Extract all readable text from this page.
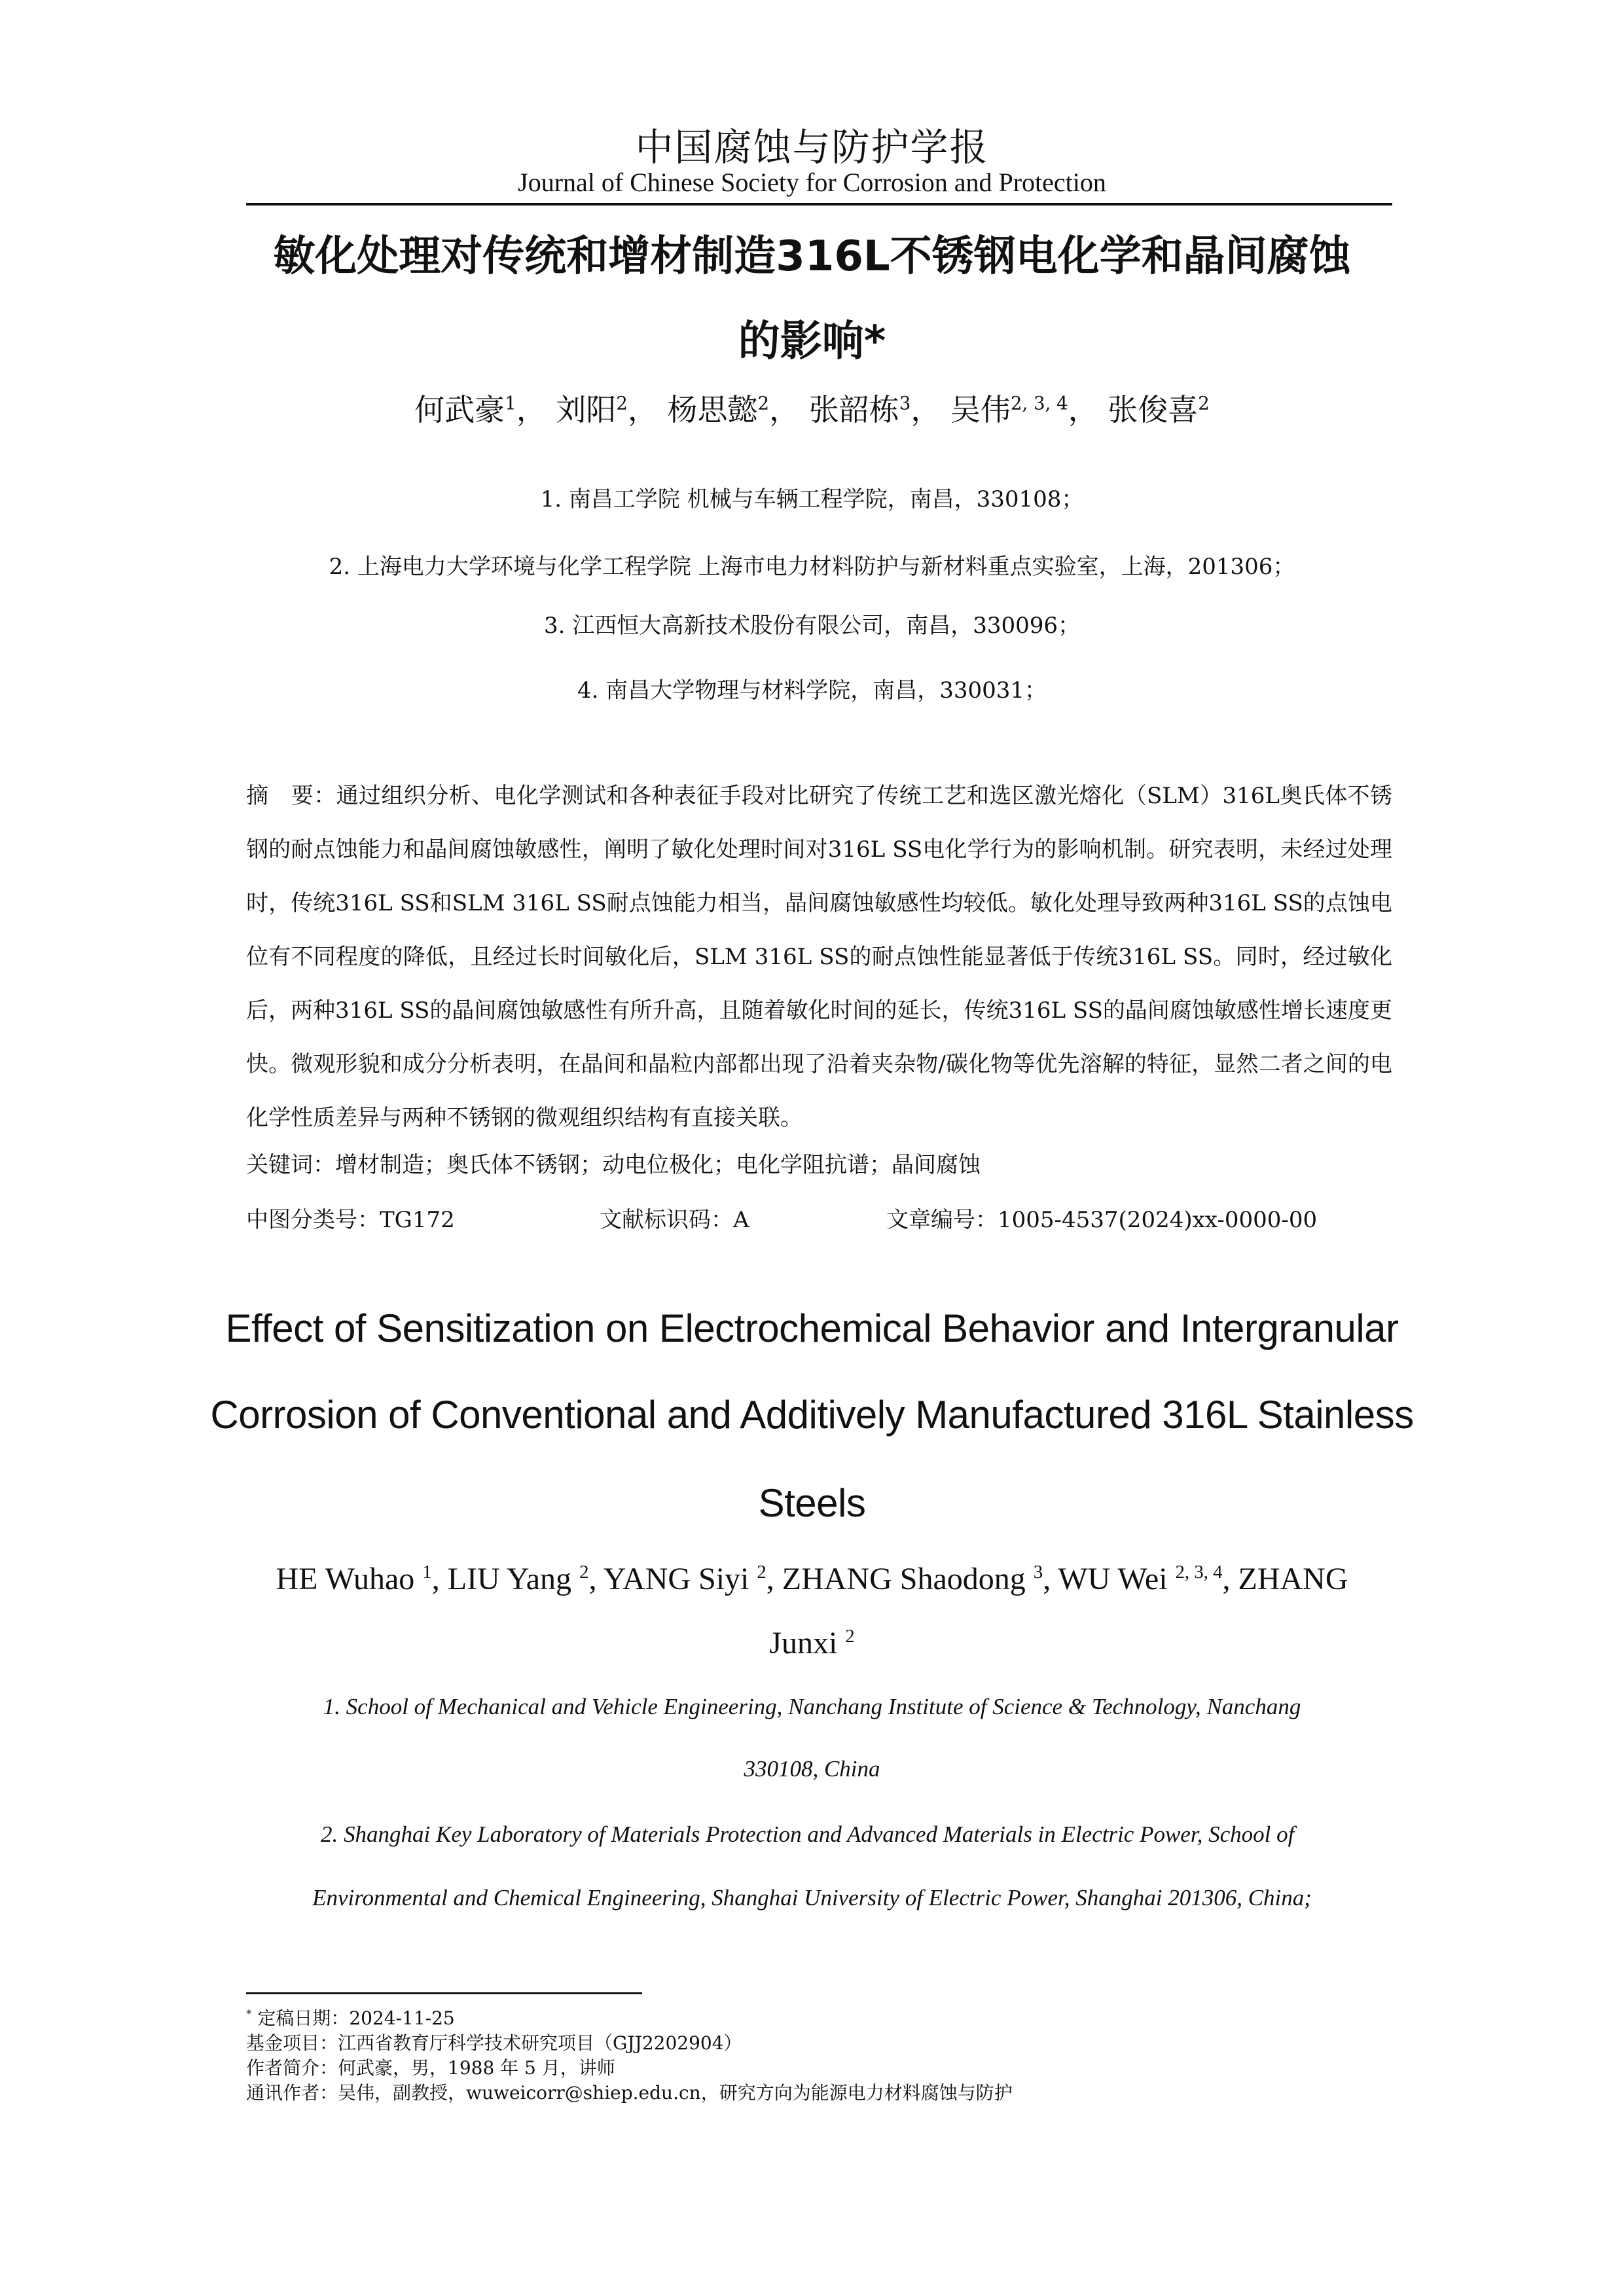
中国腐蚀与防护学报
Journal of Chinese Society for Corrosion and Protection
敏化处理对传统和增材制造316L不锈钢电化学和晶间腐蚀
的影响*
何武豪$^1$， 刘阳$^2$， 杨思懿$^2$， 张韶栋$^3$， 吴伟$^{2, 3, 4}$， 张俊喜$^2$
1. 南昌工学院 机械与车辆工程学院，南昌，330108；
2. 上海电力大学环境与化学工程学院 上海市电力材料防护与新材料重点实验室，上海，201306；
3. 江西恒大高新技术股份有限公司，南昌，330096；
4. 南昌大学物理与材料学院，南昌，330031；

摘　要：通过组织分析、电化学测试和各种表征手段对比研究了传统工艺和选区激光熔化（SLM）316L奥氏体不锈钢的耐点蚀能力和晶间腐蚀敏感性，阐明了敏化处理时间对316L SS电化学行为的影响机制。研究表明，未经过处理时，传统316L SS和SLM 316L SS耐点蚀能力相当，晶间腐蚀敏感性均较低。敏化处理导致两种316L SS的点蚀电位有不同程度的降低，且经过长时间敏化后，SLM 316L SS的耐点蚀性能显著低于传统316L SS。同时，经过敏化后，两种316L SS的晶间腐蚀敏感性有所升高，且随着敏化时间的延长，传统316L SS的晶间腐蚀敏感性增长速度更快。微观形貌和成分分析表明，在晶间和晶粒内部都出现了沿着夹杂物/碳化物等优先溶解的特征，显然二者之间的电化学性质差异与两种不锈钢的微观组织结构有直接关联。

关键词：增材制造；奥氏体不锈钢；动电位极化；电化学阻抗谱；晶间腐蚀
中图分类号：TG172	文献标识码：A	文章编号：1005-4537(2024)xx-0000-00
Effect of Sensitization on Electrochemical Behavior and Intergranular
Corrosion of Conventional and Additively Manufactured 316L Stainless
Steels
HE Wuhao $^1$, LIU Yang $^2$, YANG Siyi $^2$, ZHANG Shaodong $^3$, WU Wei $^{2, 3, 4}$, ZHANG
Junxi $^2$
1. School of Mechanical and Vehicle Engineering, Nanchang Institute of Science & Technology, Nanchang
330108, China
2. Shanghai Key Laboratory of Materials Protection and Advanced Materials in Electric Power, School of
Environmental and Chemical Engineering, Shanghai University of Electric Power, Shanghai 201306, China;
* 定稿日期：2024-11-25
基金项目：江西省教育厅科学技术研究项目（GJJ2202904）
作者简介：何武豪，男，1988 年 5 月，讲师
通讯作者：吴伟，副教授，wuweicorr@shiep.edu.cn，研究方向为能源电力材料腐蚀与防护
